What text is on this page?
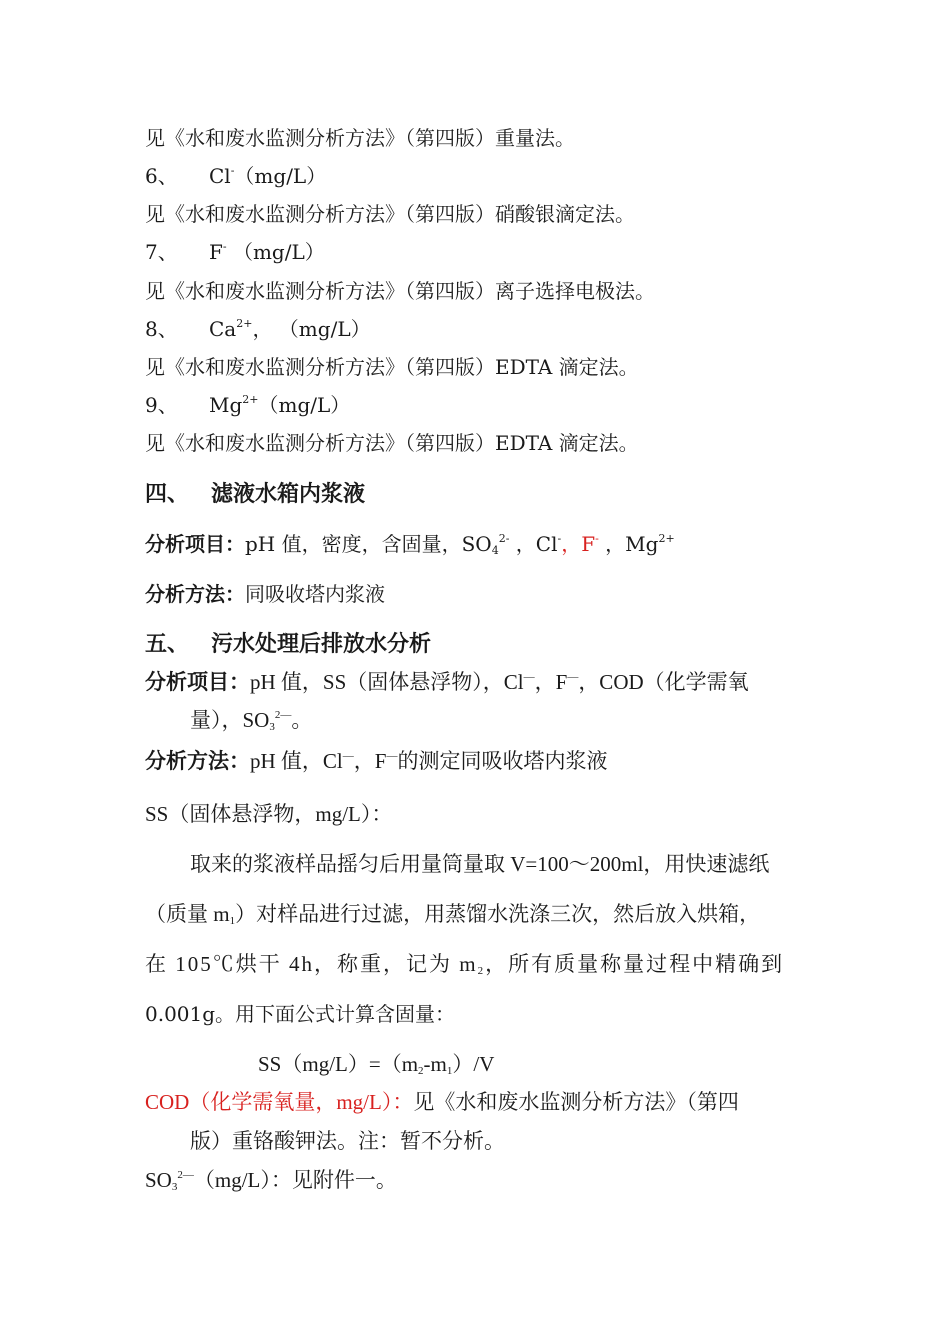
见《水和废水监测分析方法》（第四版）重量法。
6、 Cl-（mg/L）
见《水和废水监测分析方法》（第四版）硝酸银滴定法。
7、 F- （mg/L）
见《水和废水监测分析方法》（第四版）离子选择电极法。
8、 $Ca^{2+}$， （mg/L）
见《水和废水监测分析方法》（第四版）EDTA 滴定法。
9、 $Mg^{2+}(mg/L)$
见《水和废水监测分析方法》（第四版）EDTA 滴定法。
四、 滤液水箱内浆液
分析项目：pH 值，密度，含固量，$SO_4^{2-}$ ，Cl-，F- ，$Mg^{2+}$
分析方法：同吸收塔内浆液
五、 污水处理后排放水分析
分析项目：pH 值，SS（固体悬浮物），Cl—，F—，COD（化学需氧
量），$SO_3^{2—}$。
分析方法：pH 值，Cl—，F—的测定同吸收塔内浆液
SS（固体悬浮物，mg/L）：
取来的浆液样品摇匀后用量筒量取 V=100～200ml，用快速滤纸
（质量 $m_1$）对样品进行过滤，用蒸馏水洗涤三次，然后放入烘箱，
在 105℃烘干 4h，称重，记为 $m_2$，所有质量称量过程中精确到
0.001g。用下面公式计算含固量：
$SS(mg/L)=(m_2-m_1)/V$
COD（化学需氧量，mg/L）：见《水和废水监测分析方法》（第四
版）重铬酸钾法。注：暂不分析。
$SO_3^{2—}(mg/L)$：见附件一。
